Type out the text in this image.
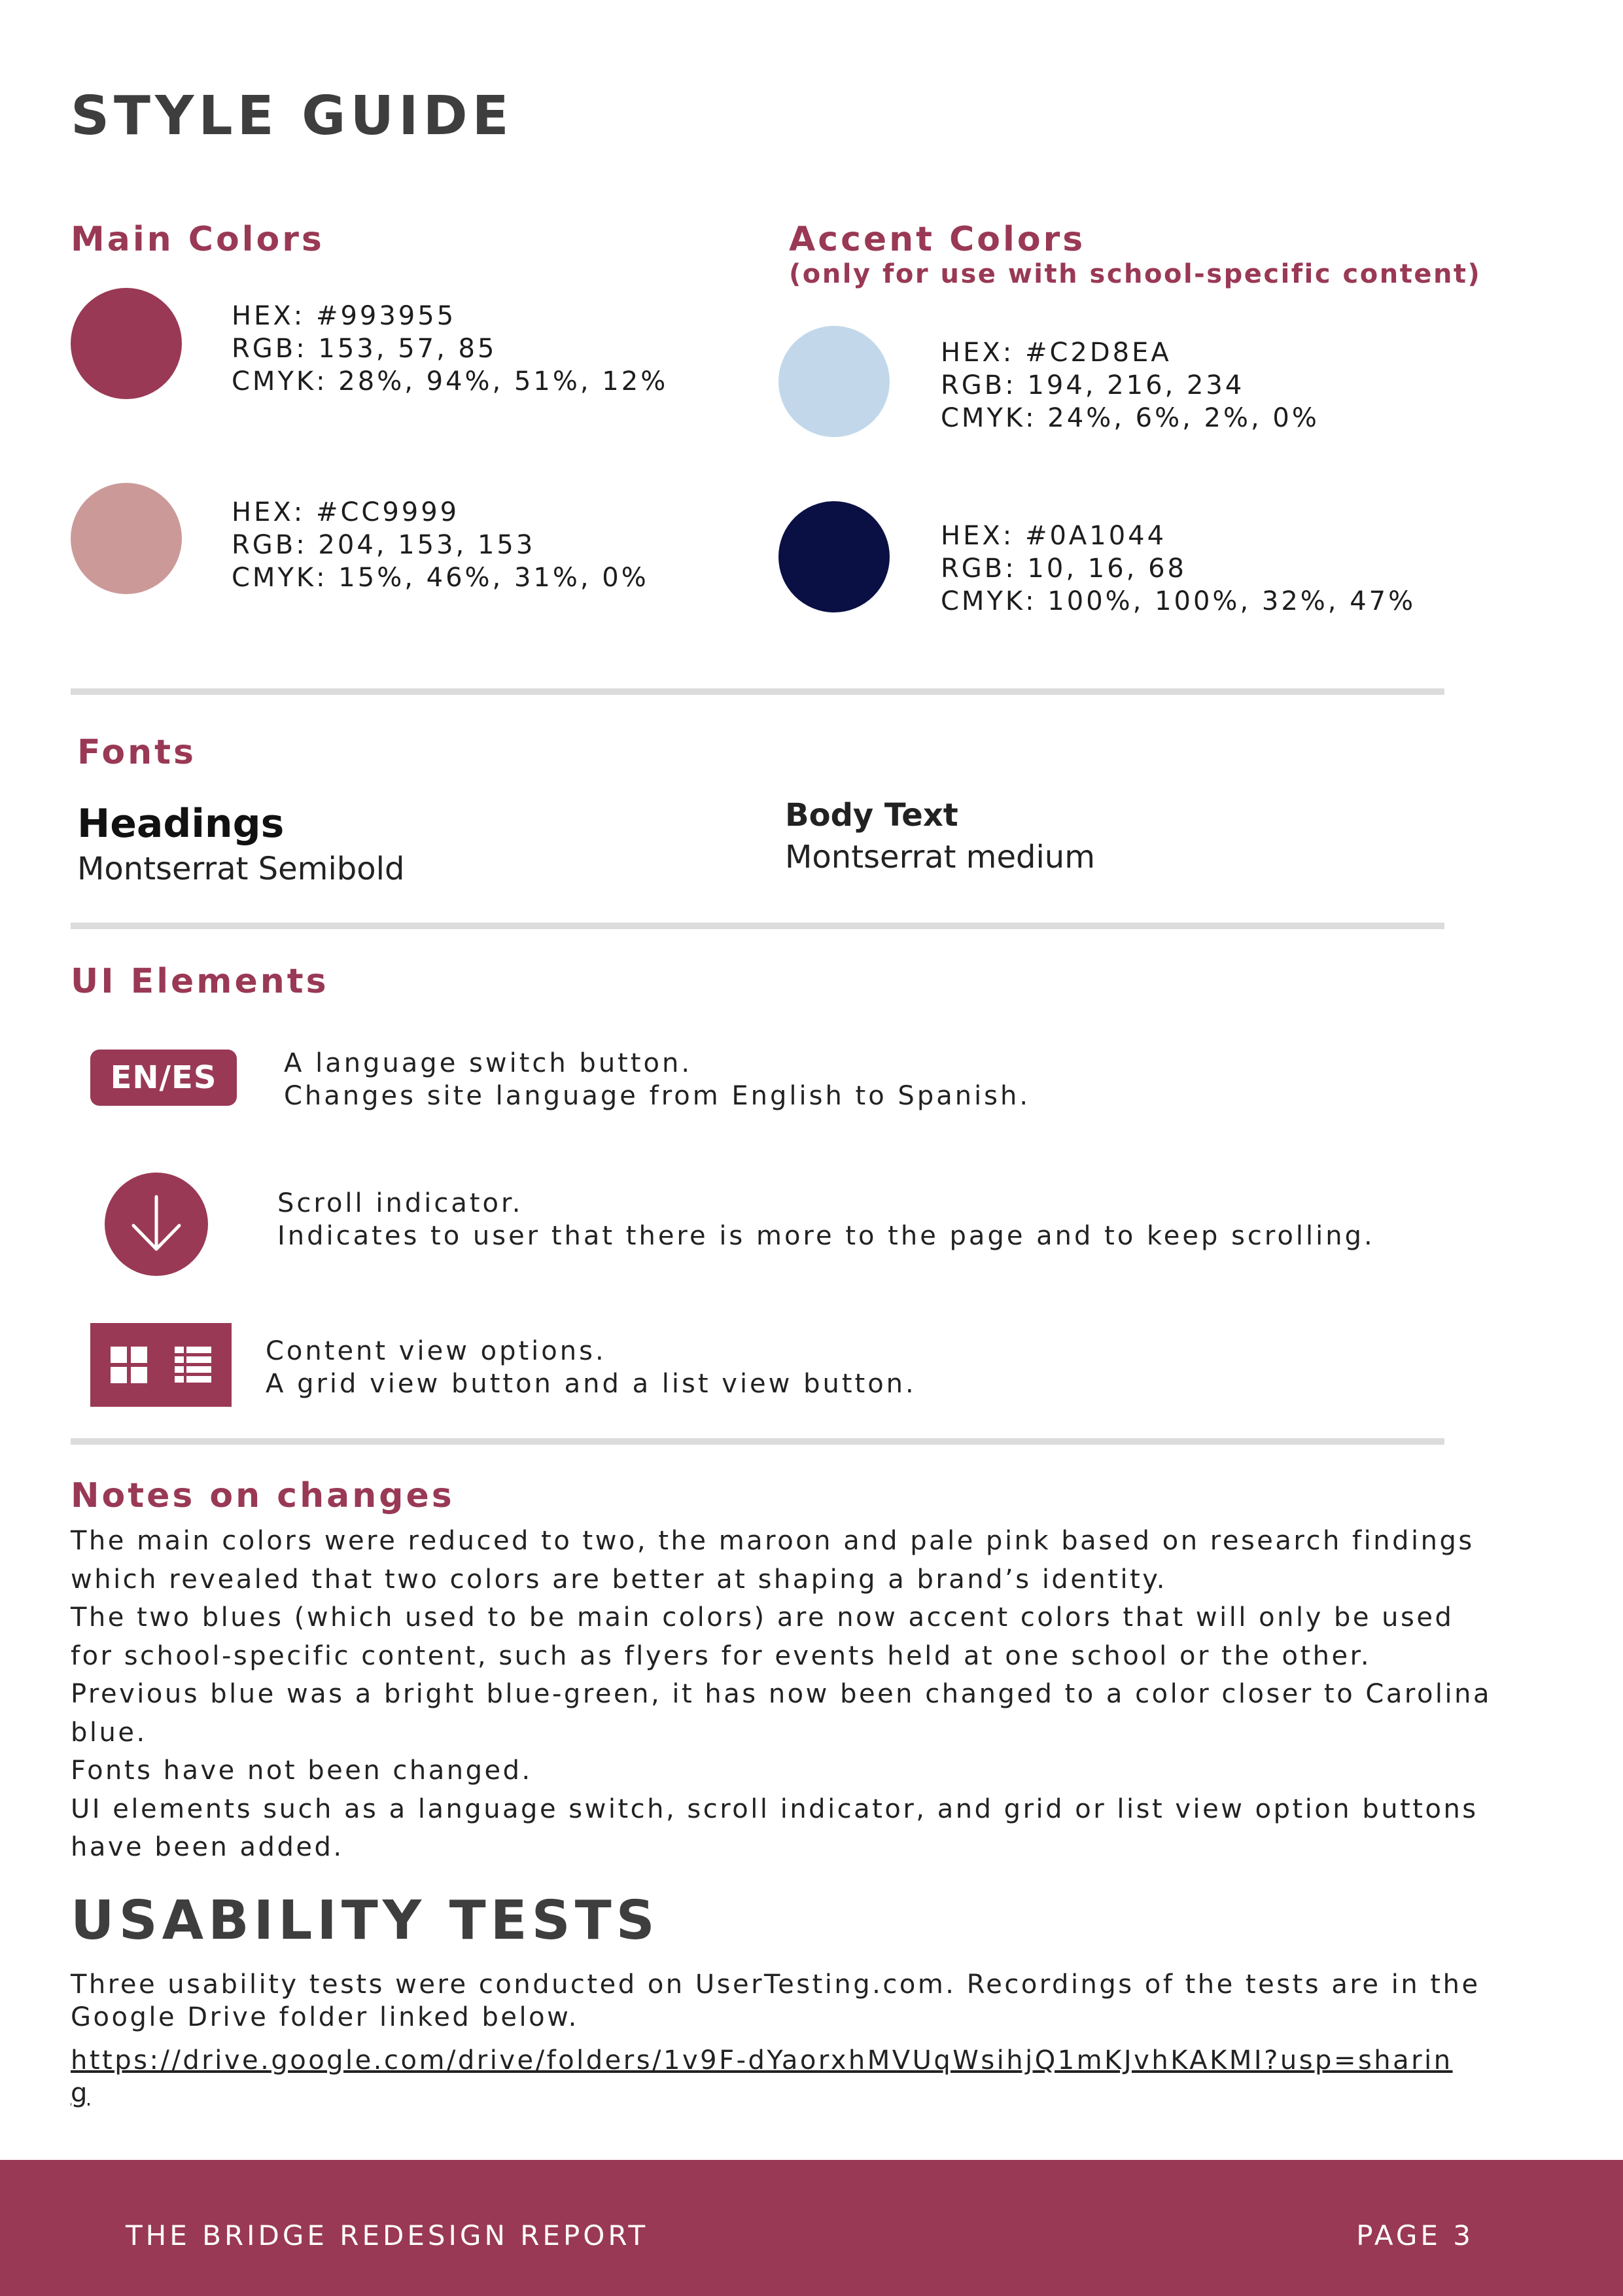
STYLE GUIDE
Main Colors
HEX: #993955
RGB: 153, 57, 85
CMYK: 28%, 94%, 51%, 12%
HEX: #CC9999
RGB: 204, 153, 153
CMYK: 15%, 46%, 31%, 0%
Accent Colors
(only for use with school-specific content)
HEX: #C2D8EA
RGB: 194, 216, 234
CMYK: 24%, 6%, 2%, 0%
HEX: #0A1044
RGB: 10, 16, 68
CMYK: 100%, 100%, 32%, 47%
Fonts
Headings
Montserrat Semibold
Body Text
Montserrat medium
UI Elements
EN/ES	A language switch button.
Changes site language from English to Spanish.
Scroll indicator.
Indicates to user that there is more to the page and to keep scrolling.
Content view options.
A grid view button and a list view button.
Notes on changes

The main colors were reduced to two, the maroon and pale pink based on research findings which revealed that two colors are better at shaping a brand’s identity.

The two blues (which used to be main colors) are now accent colors that will only be used for school-specific content, such as flyers for events held at one school or the other. Previous blue was a bright blue-green, it has now been changed to a color closer to Carolina blue.

Fonts have not been changed.

UI elements such as a language switch, scroll indicator, and grid or list view option buttons have been added.

USABILITY TESTS
Three usability tests were conducted on UserTesting.com. Recordings of the tests are in the Google Drive folder linked below.
https://drive.google.com/drive/folders/1v9F-dYaorxhMVUqWsihjQ1mKJvhKAKMI?usp=sharing
THE BRIDGE REDESIGN REPORT	PAGE 3
